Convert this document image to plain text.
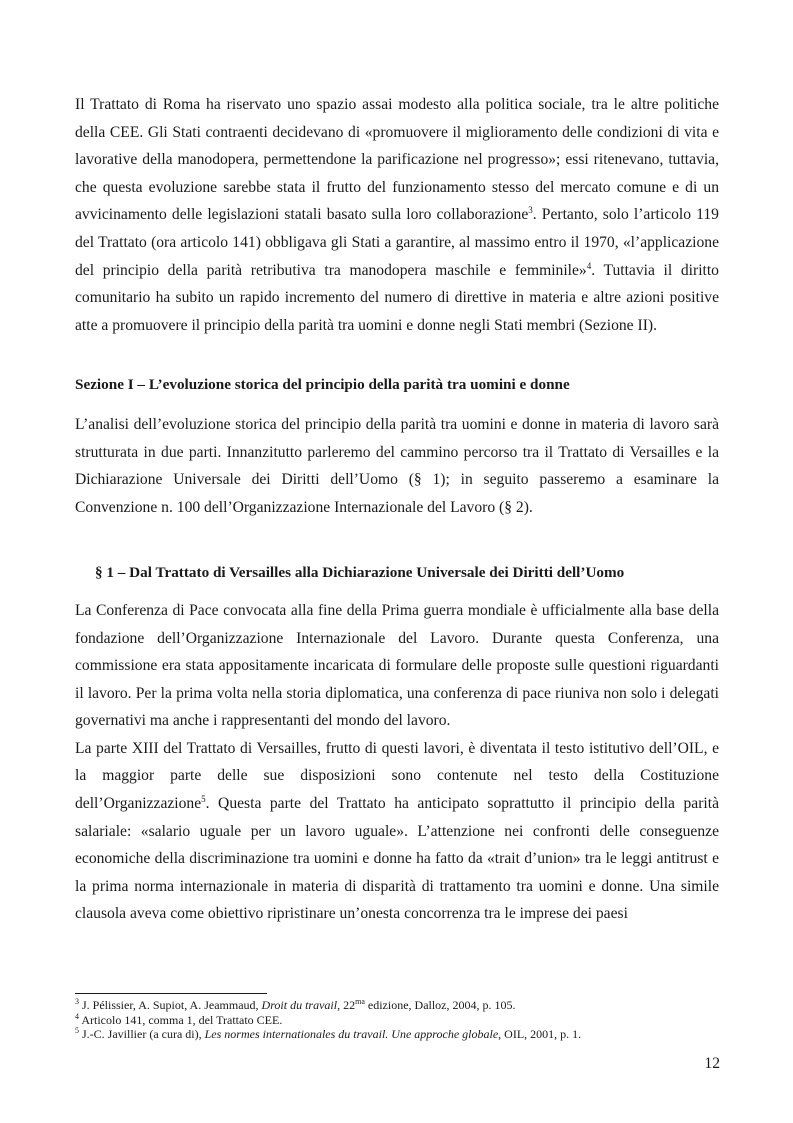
Il Trattato di Roma ha riservato uno spazio assai modesto alla politica sociale, tra le altre politiche della CEE. Gli Stati contraenti decidevano di «promuovere il miglioramento delle condizioni di vita e lavorative della manodopera, permettendone la parificazione nel progresso»; essi ritenevano, tuttavia, che questa evoluzione sarebbe stata il frutto del funzionamento stesso del mercato comune e di un avvicinamento delle legislazioni statali basato sulla loro collaborazione$^3$. Pertanto, solo l’articolo 119 del Trattato (ora articolo 141) obbligava gli Stati a garantire, al massimo entro il 1970, «l’applicazione del principio della parità retributiva tra manodopera maschile e femminile»$^4$. Tuttavia il diritto comunitario ha subito un rapido incremento del numero di direttive in materia e altre azioni positive atte a promuovere il principio della parità tra uomini e donne negli Stati membri (Sezione II).

Sezione I – L’evoluzione storica del principio della parità tra uomini e donne

L’analisi dell’evoluzione storica del principio della parità tra uomini e donne in materia di lavoro sarà strutturata in due parti. Innanzitutto parleremo del cammino percorso tra il Trattato di Versailles e la Dichiarazione Universale dei Diritti dell’Uomo (§ 1); in seguito passeremo a esaminare la Convenzione n. 100 dell’Organizzazione Internazionale del Lavoro (§ 2).

§ 1 – Dal Trattato di Versailles alla Dichiarazione Universale dei Diritti dell’Uomo

La Conferenza di Pace convocata alla fine della Prima guerra mondiale è ufficialmente alla base della fondazione dell’Organizzazione Internazionale del Lavoro. Durante questa Conferenza, una commissione era stata appositamente incaricata di formulare delle proposte sulle questioni riguardanti il lavoro. Per la prima volta nella storia diplomatica, una conferenza di pace riuniva non solo i delegati governativi ma anche i rappresentanti del mondo del lavoro.

La parte XIII del Trattato di Versailles, frutto di questi lavori, è diventata il testo istitutivo dell’OIL, e la maggior parte delle sue disposizioni sono contenute nel testo della Costituzione dell’Organizzazione$^5$. Questa parte del Trattato ha anticipato soprattutto il principio della parità salariale: «salario uguale per un lavoro uguale». L’attenzione nei confronti delle conseguenze economiche della discriminazione tra uomini e donne ha fatto da «trait d’union» tra le leggi antitrust e la prima norma internazionale in materia di disparità di trattamento tra uomini e donne. Una simile clausola aveva come obiettivo ripristinare un’onesta concorrenza tra le imprese dei paesi

$^3$ J. Pélissier, A. Supiot, A. Jeammaud, Droit du travail, $22^{ma}$ edizione, Dalloz, 2004, p. 105.

$^4$ Articolo 141, comma 1, del Trattato CEE.

$^5$ J.-C. Javillier (a cura di), Les normes internationales du travail. Une approche globale, OIL, 2001, p. 1.

12
